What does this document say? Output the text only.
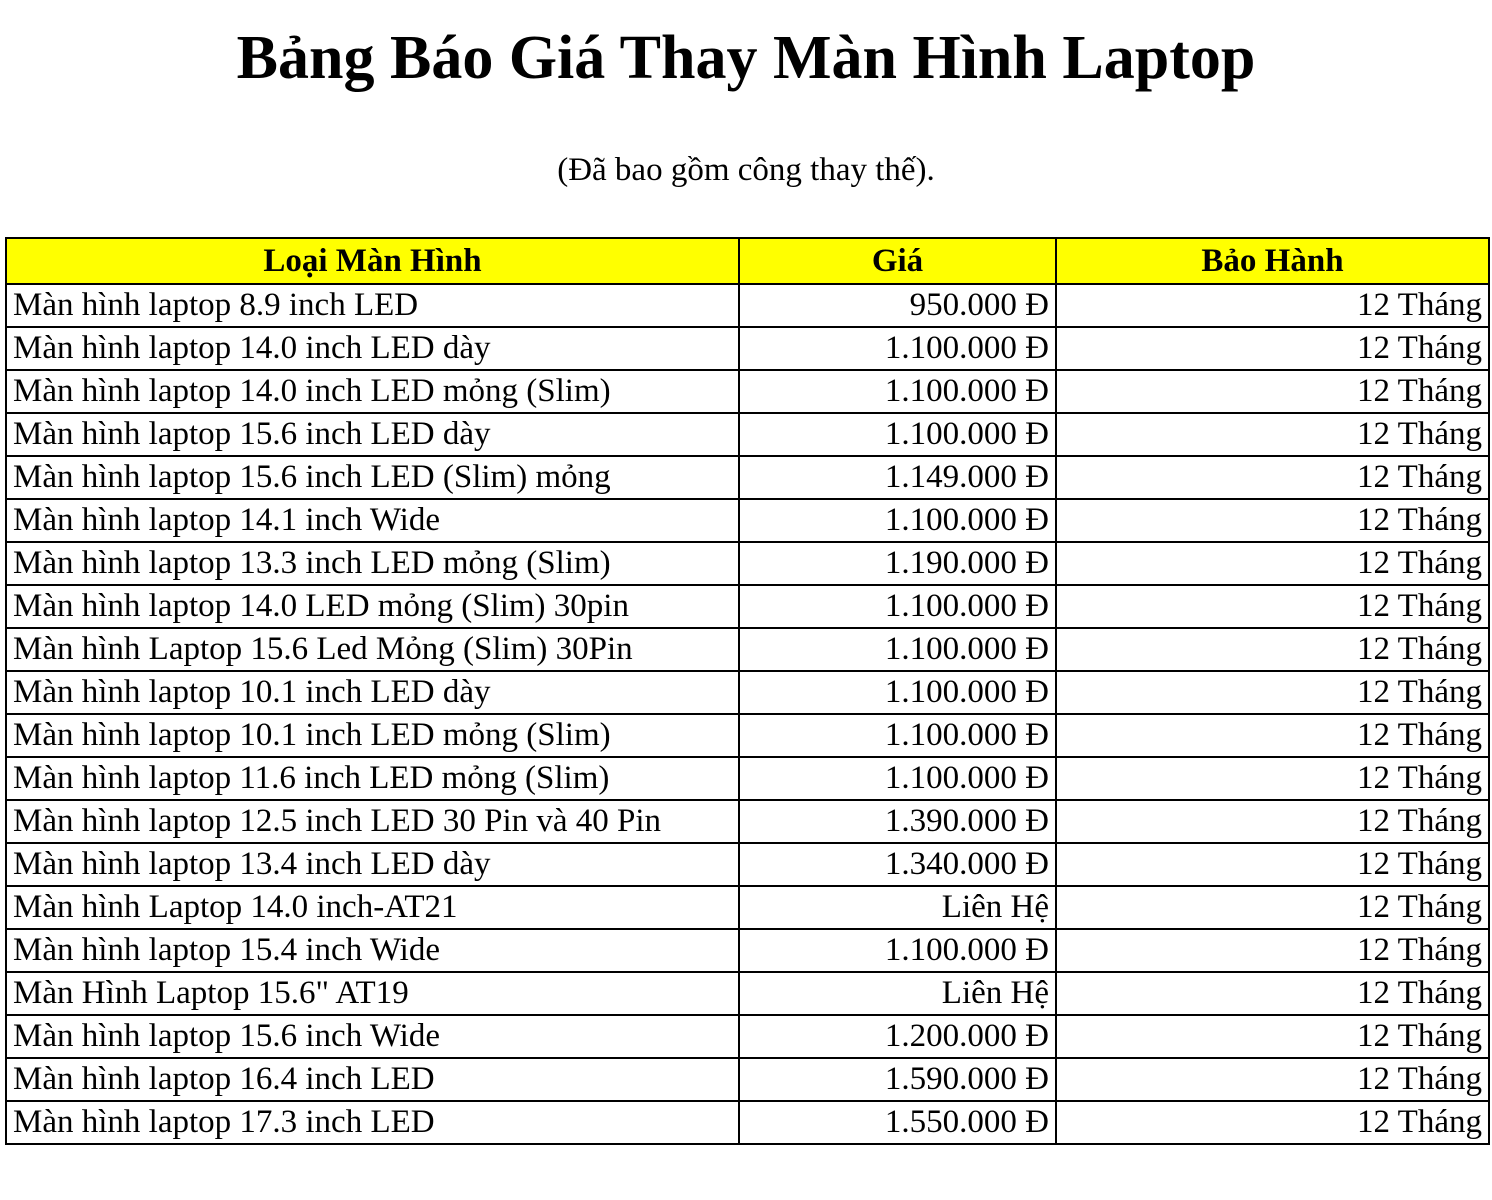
Bảng Báo Giá Thay Màn Hình Laptop
(Đã bao gồm công thay thế).
Loại Màn Hình	Giá	Bảo Hành
Màn hình laptop 8.9 inch LED	950.000 Đ	12 Tháng
Màn hình laptop 14.0 inch LED dày	1.100.000 Đ	12 Tháng
Màn hình laptop 14.0 inch LED mỏng (Slim)	1.100.000 Đ	12 Tháng
Màn hình laptop 15.6 inch LED dày	1.100.000 Đ	12 Tháng
Màn hình laptop 15.6 inch LED (Slim) mỏng	1.149.000 Đ	12 Tháng
Màn hình laptop 14.1 inch Wide	1.100.000 Đ	12 Tháng
Màn hình laptop 13.3 inch LED mỏng (Slim)	1.190.000 Đ	12 Tháng
Màn hình laptop 14.0 LED mỏng (Slim) 30pin	1.100.000 Đ	12 Tháng
Màn hình Laptop 15.6 Led Mỏng (Slim) 30Pin	1.100.000 Đ	12 Tháng
Màn hình laptop 10.1 inch LED dày	1.100.000 Đ	12 Tháng
Màn hình laptop 10.1 inch LED mỏng (Slim)	1.100.000 Đ	12 Tháng
Màn hình laptop 11.6 inch LED mỏng (Slim)	1.100.000 Đ	12 Tháng
Màn hình laptop 12.5 inch LED 30 Pin và 40 Pin	1.390.000 Đ	12 Tháng
Màn hình laptop 13.4 inch LED dày	1.340.000 Đ	12 Tháng
Màn hình Laptop 14.0 inch-AT21	Liên Hệ	12 Tháng
Màn hình laptop 15.4 inch Wide	1.100.000 Đ	12 Tháng
Màn Hình Laptop 15.6" AT19	Liên Hệ	12 Tháng
Màn hình laptop 15.6 inch Wide	1.200.000 Đ	12 Tháng
Màn hình laptop 16.4 inch LED	1.590.000 Đ	12 Tháng
Màn hình laptop 17.3 inch LED	1.550.000 Đ	12 Tháng
